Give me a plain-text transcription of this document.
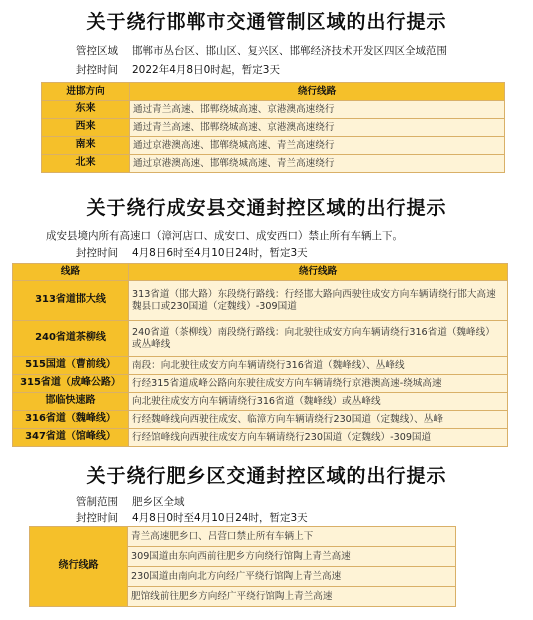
关于绕行邯郸市交通管制区域的出行提示
管控区域 邯郸市丛台区、邯山区、复兴区、邯郸经济技术开发区四区全域范围
封控时间 2022年4月8日0时起，暂定3天
进邯方向	绕行线路
东来	通过青兰高速、邯郸绕城高速、京港澳高速绕行
西来	通过青兰高速、邯郸绕城高速、京港澳高速绕行
南来	通过京港澳高速、邯郸绕城高速、青兰高速绕行
北来	通过京港澳高速、邯郸绕城高速、青兰高速绕行
关于绕行成安县交通封控区域的出行提示
成安县境内所有高速口（漳河店口、成安口、成安西口）禁止所有车辆上下。
封控时间 4月8日6时至4月10日24时，暂定3天
线路	绕行线路
313省道邯大线	313省道（邯大路）东段绕行路线：行经邯大路向西驶往成安方向车辆请绕行邯大高速魏县口或230国道（定魏线）-309国道
240省道茶柳线	240省道（茶柳线）南段绕行路线：向北驶往成安方向车辆请绕行316省道（魏峰线）或丛峰线
515国道（曹前线）	南段：向北驶往成安方向车辆请绕行316省道（魏峰线）、丛峰线
315省道（成峰公路）	行经315省道成峰公路向东驶往成安方向车辆请绕行京港澳高速-绕城高速
邯临快速路	向北驶往成安方向车辆请绕行316省道（魏峰线）或丛峰线
316省道（魏峰线）	行经魏峰线向西驶往成安、临漳方向车辆请绕行230国道（定魏线）、丛峰
347省道（馆峰线）	行经馆峰线向西驶往成安方向车辆请绕行230国道（定魏线）-309国道
关于绕行肥乡区交通封控区域的出行提示
管制范围 肥乡区全域
封控时间 4月8日0时至4月10日24时，暂定3天
绕行线路	青兰高速肥乡口、吕营口禁止所有车辆上下
309国道由东向西前往肥乡方向绕行馆陶上青兰高速
230国道由南向北方向经广平绕行馆陶上青兰高速
肥馆线前往肥乡方向经广平绕行馆陶上青兰高速
